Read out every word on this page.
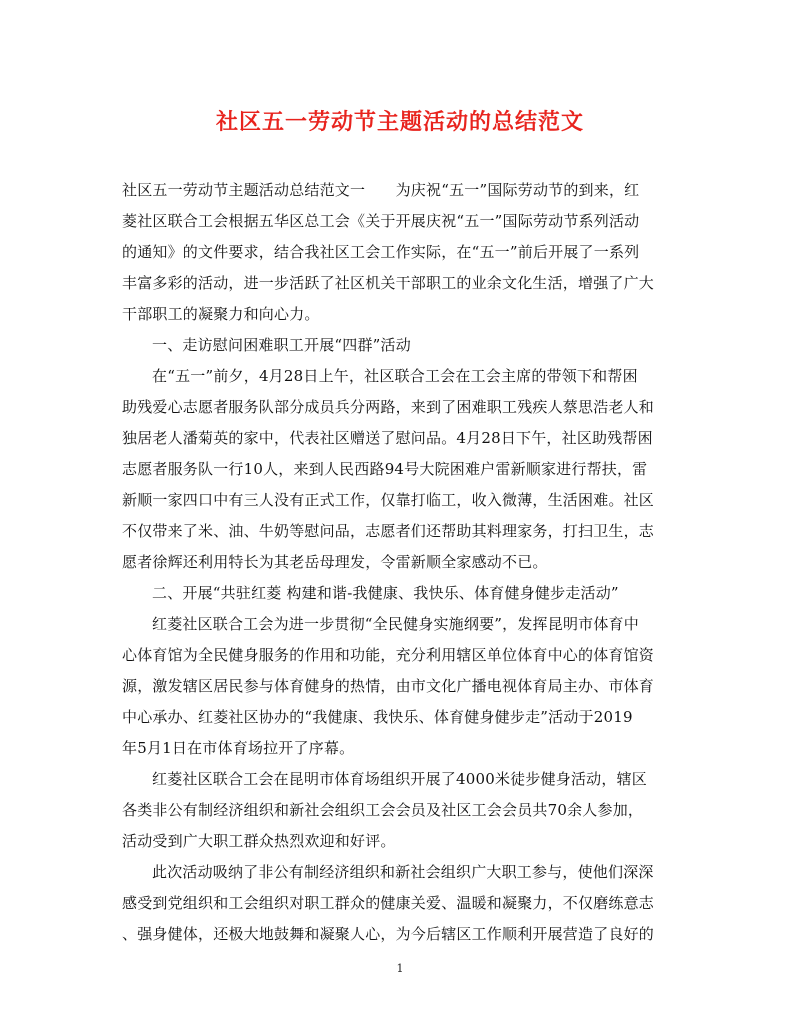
社区五一劳动节主题活动的总结范文
社区五一劳动节主题活动总结范文一　　为庆祝“五一”国际劳动节的到来，红
菱社区联合工会根据五华区总工会《关于开展庆祝“五一”国际劳动节系列活动
的通知》的文件要求，结合我社区工会工作实际，在“五一”前后开展了一系列
丰富多彩的活动，进一步活跃了社区机关干部职工的业余文化生活，增强了广大
干部职工的凝聚力和向心力。
一、走访慰问困难职工开展“四群”活动
在“五一”前夕，4月28日上午，社区联合工会在工会主席的带领下和帮困
助残爱心志愿者服务队部分成员兵分两路，来到了困难职工残疾人蔡思浩老人和
独居老人潘菊英的家中，代表社区赠送了慰问品。4月28日下午，社区助残帮困
志愿者服务队一行10人，来到人民西路94号大院困难户雷新顺家进行帮扶，雷
新顺一家四口中有三人没有正式工作，仅靠打临工，收入微薄，生活困难。社区
不仅带来了米、油、牛奶等慰问品，志愿者们还帮助其料理家务，打扫卫生，志
愿者徐辉还利用特长为其老岳母理发，令雷新顺全家感动不已。
二、开展“共驻红菱 构建和谐-我健康、我快乐、体育健身健步走活动”
红菱社区联合工会为进一步贯彻“全民健身实施纲要”，发挥昆明市体育中
心体育馆为全民健身服务的作用和功能，充分利用辖区单位体育中心的体育馆资
源，激发辖区居民参与体育健身的热情，由市文化广播电视体育局主办、市体育
中心承办、红菱社区协办的“我健康、我快乐、体育健身健步走”活动于2019
年5月1日在市体育场拉开了序幕。
红菱社区联合工会在昆明市体育场组织开展了4000米徒步健身活动，辖区
各类非公有制经济组织和新社会组织工会会员及社区工会会员共70余人参加，
活动受到广大职工群众热烈欢迎和好评。
此次活动吸纳了非公有制经济组织和新社会组织广大职工参与，使他们深深
感受到党组织和工会组织对职工群众的健康关爱、温暖和凝聚力，不仅磨练意志
、强身健体，还极大地鼓舞和凝聚人心，为今后辖区工作顺利开展营造了良好的
1
